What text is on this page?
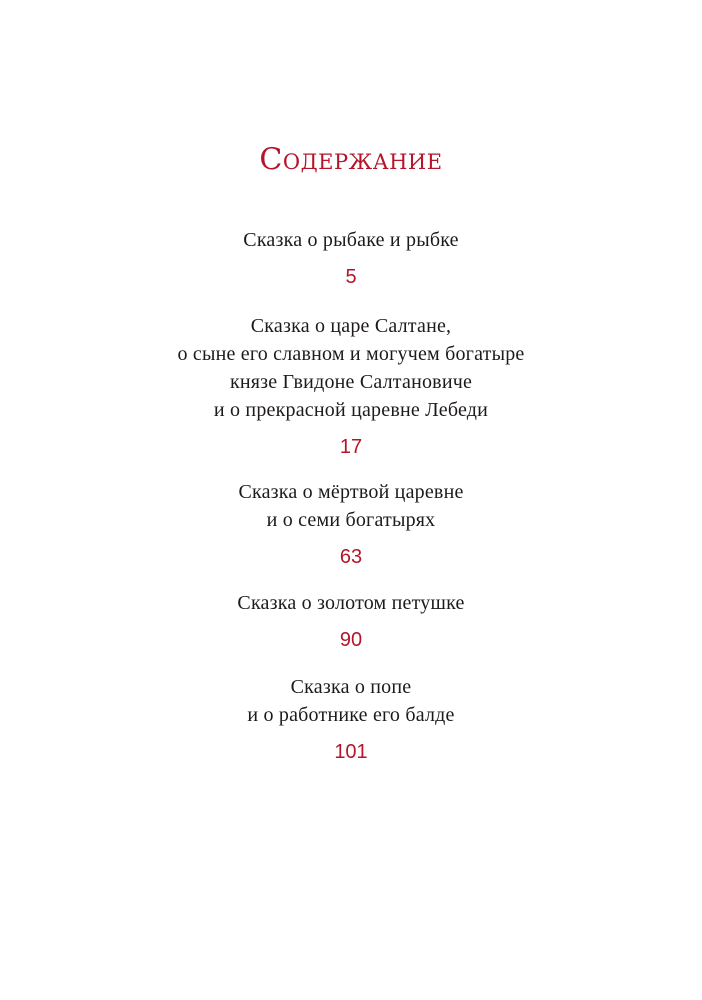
Содержание
Сказка о рыбаке и рыбке
5
Сказка о царе Салтане,
о сыне его славном и могучем богатыре
князе Гвидоне Салтановиче
и о прекрасной царевне Лебеди
17
Сказка о мёртвой царевне
и о семи богатырях
63
Сказка о золотом петушке
90
Сказка о попе
и о работнике его балде
101
